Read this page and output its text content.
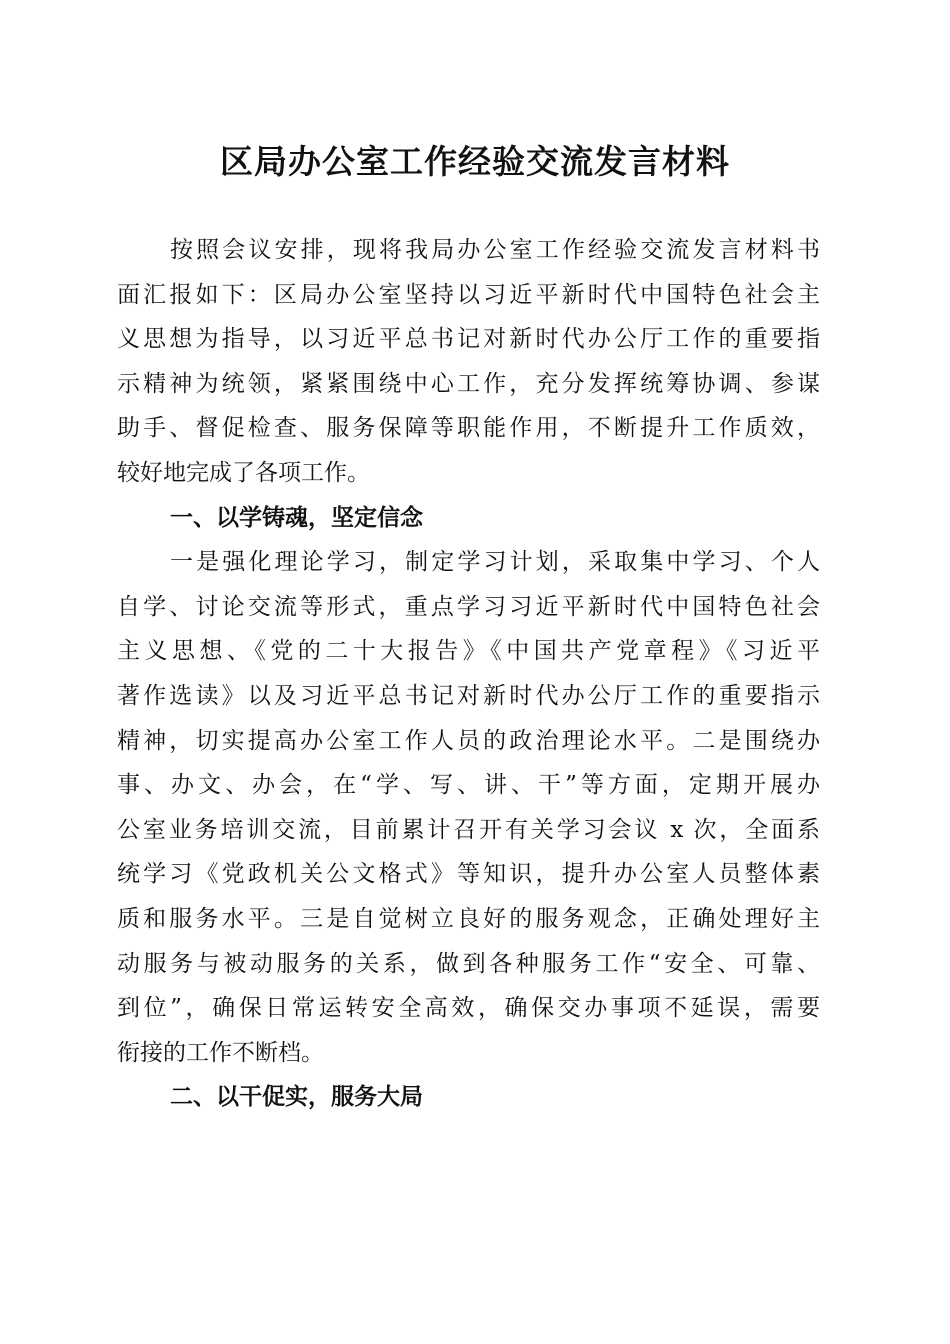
区局办公室工作经验交流发言材料
按照会议安排，现将我局办公室工作经验交流发言材料书
面汇报如下：区局办公室坚持以习近平新时代中国特色社会主
义思想为指导，以习近平总书记对新时代办公厅工作的重要指
示精神为统领，紧紧围绕中心工作，充分发挥统筹协调、参谋
助手、督促检查、服务保障等职能作用，不断提升工作质效，
较好地完成了各项工作。
一、以学铸魂，坚定信念
一是强化理论学习，制定学习计划，采取集中学习、个人
自学、讨论交流等形式，重点学习习近平新时代中国特色社会
主义思想、《党的二十大报告》《中国共产党章程》《习近平
著作选读》以及习近平总书记对新时代办公厅工作的重要指示
精神，切实提高办公室工作人员的政治理论水平。二是围绕办
事、办文、办会，在“学、写、讲、干”等方面，定期开展办
公室业务培训交流，目前累计召开有关学习会议 x 次，全面系
统学习《党政机关公文格式》等知识，提升办公室人员整体素
质和服务水平。三是自觉树立良好的服务观念，正确处理好主
动服务与被动服务的关系，做到各种服务工作“安全、可靠、
到位”，确保日常运转安全高效，确保交办事项不延误，需要
衔接的工作不断档。
二、以干促实，服务大局
